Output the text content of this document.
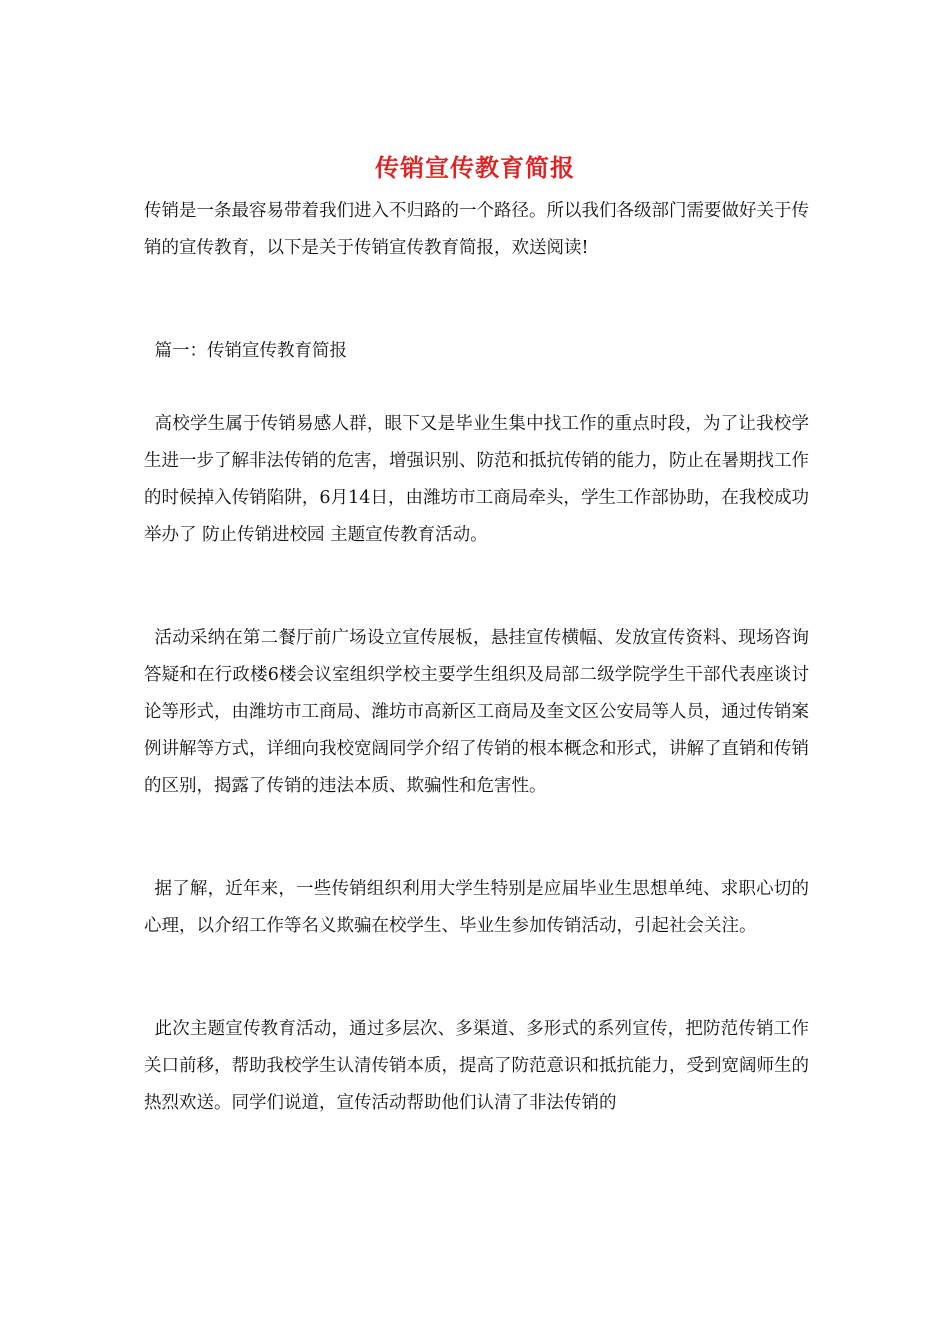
传销宣传教育简报

传销是一条最容易带着我们进入不归路的一个路径。所以我们各级部门需要做好关于传销的宣传教育，以下是关于传销宣传教育简报，欢送阅读!

篇一：传销宣传教育简报

高校学生属于传销易感人群，眼下又是毕业生集中找工作的重点时段，为了让我校学生进一步了解非法传销的危害，增强识别、防范和抵抗传销的能力，防止在暑期找工作的时候掉入传销陷阱，6月14日，由潍坊市工商局牵头，学生工作部协助，在我校成功举办了 防止传销进校园 主题宣传教育活动。

活动采纳在第二餐厅前广场设立宣传展板，悬挂宣传横幅、发放宣传资料、现场咨询答疑和在行政楼6楼会议室组织学校主要学生组织及局部二级学院学生干部代表座谈讨论等形式，由潍坊市工商局、潍坊市高新区工商局及奎文区公安局等人员，通过传销案例讲解等方式，详细向我校宽阔同学介绍了传销的根本概念和形式，讲解了直销和传销的区别，揭露了传销的违法本质、欺骗性和危害性。

据了解，近年来，一些传销组织利用大学生特别是应届毕业生思想单纯、求职心切的心理，以介绍工作等名义欺骗在校学生、毕业生参加传销活动，引起社会关注。

此次主题宣传教育活动，通过多层次、多渠道、多形式的系列宣传，把防范传销工作关口前移，帮助我校学生认清传销本质，提高了防范意识和抵抗能力，受到宽阔师生的热烈欢送。同学们说道，宣传活动帮助他们认清了非法传销的
